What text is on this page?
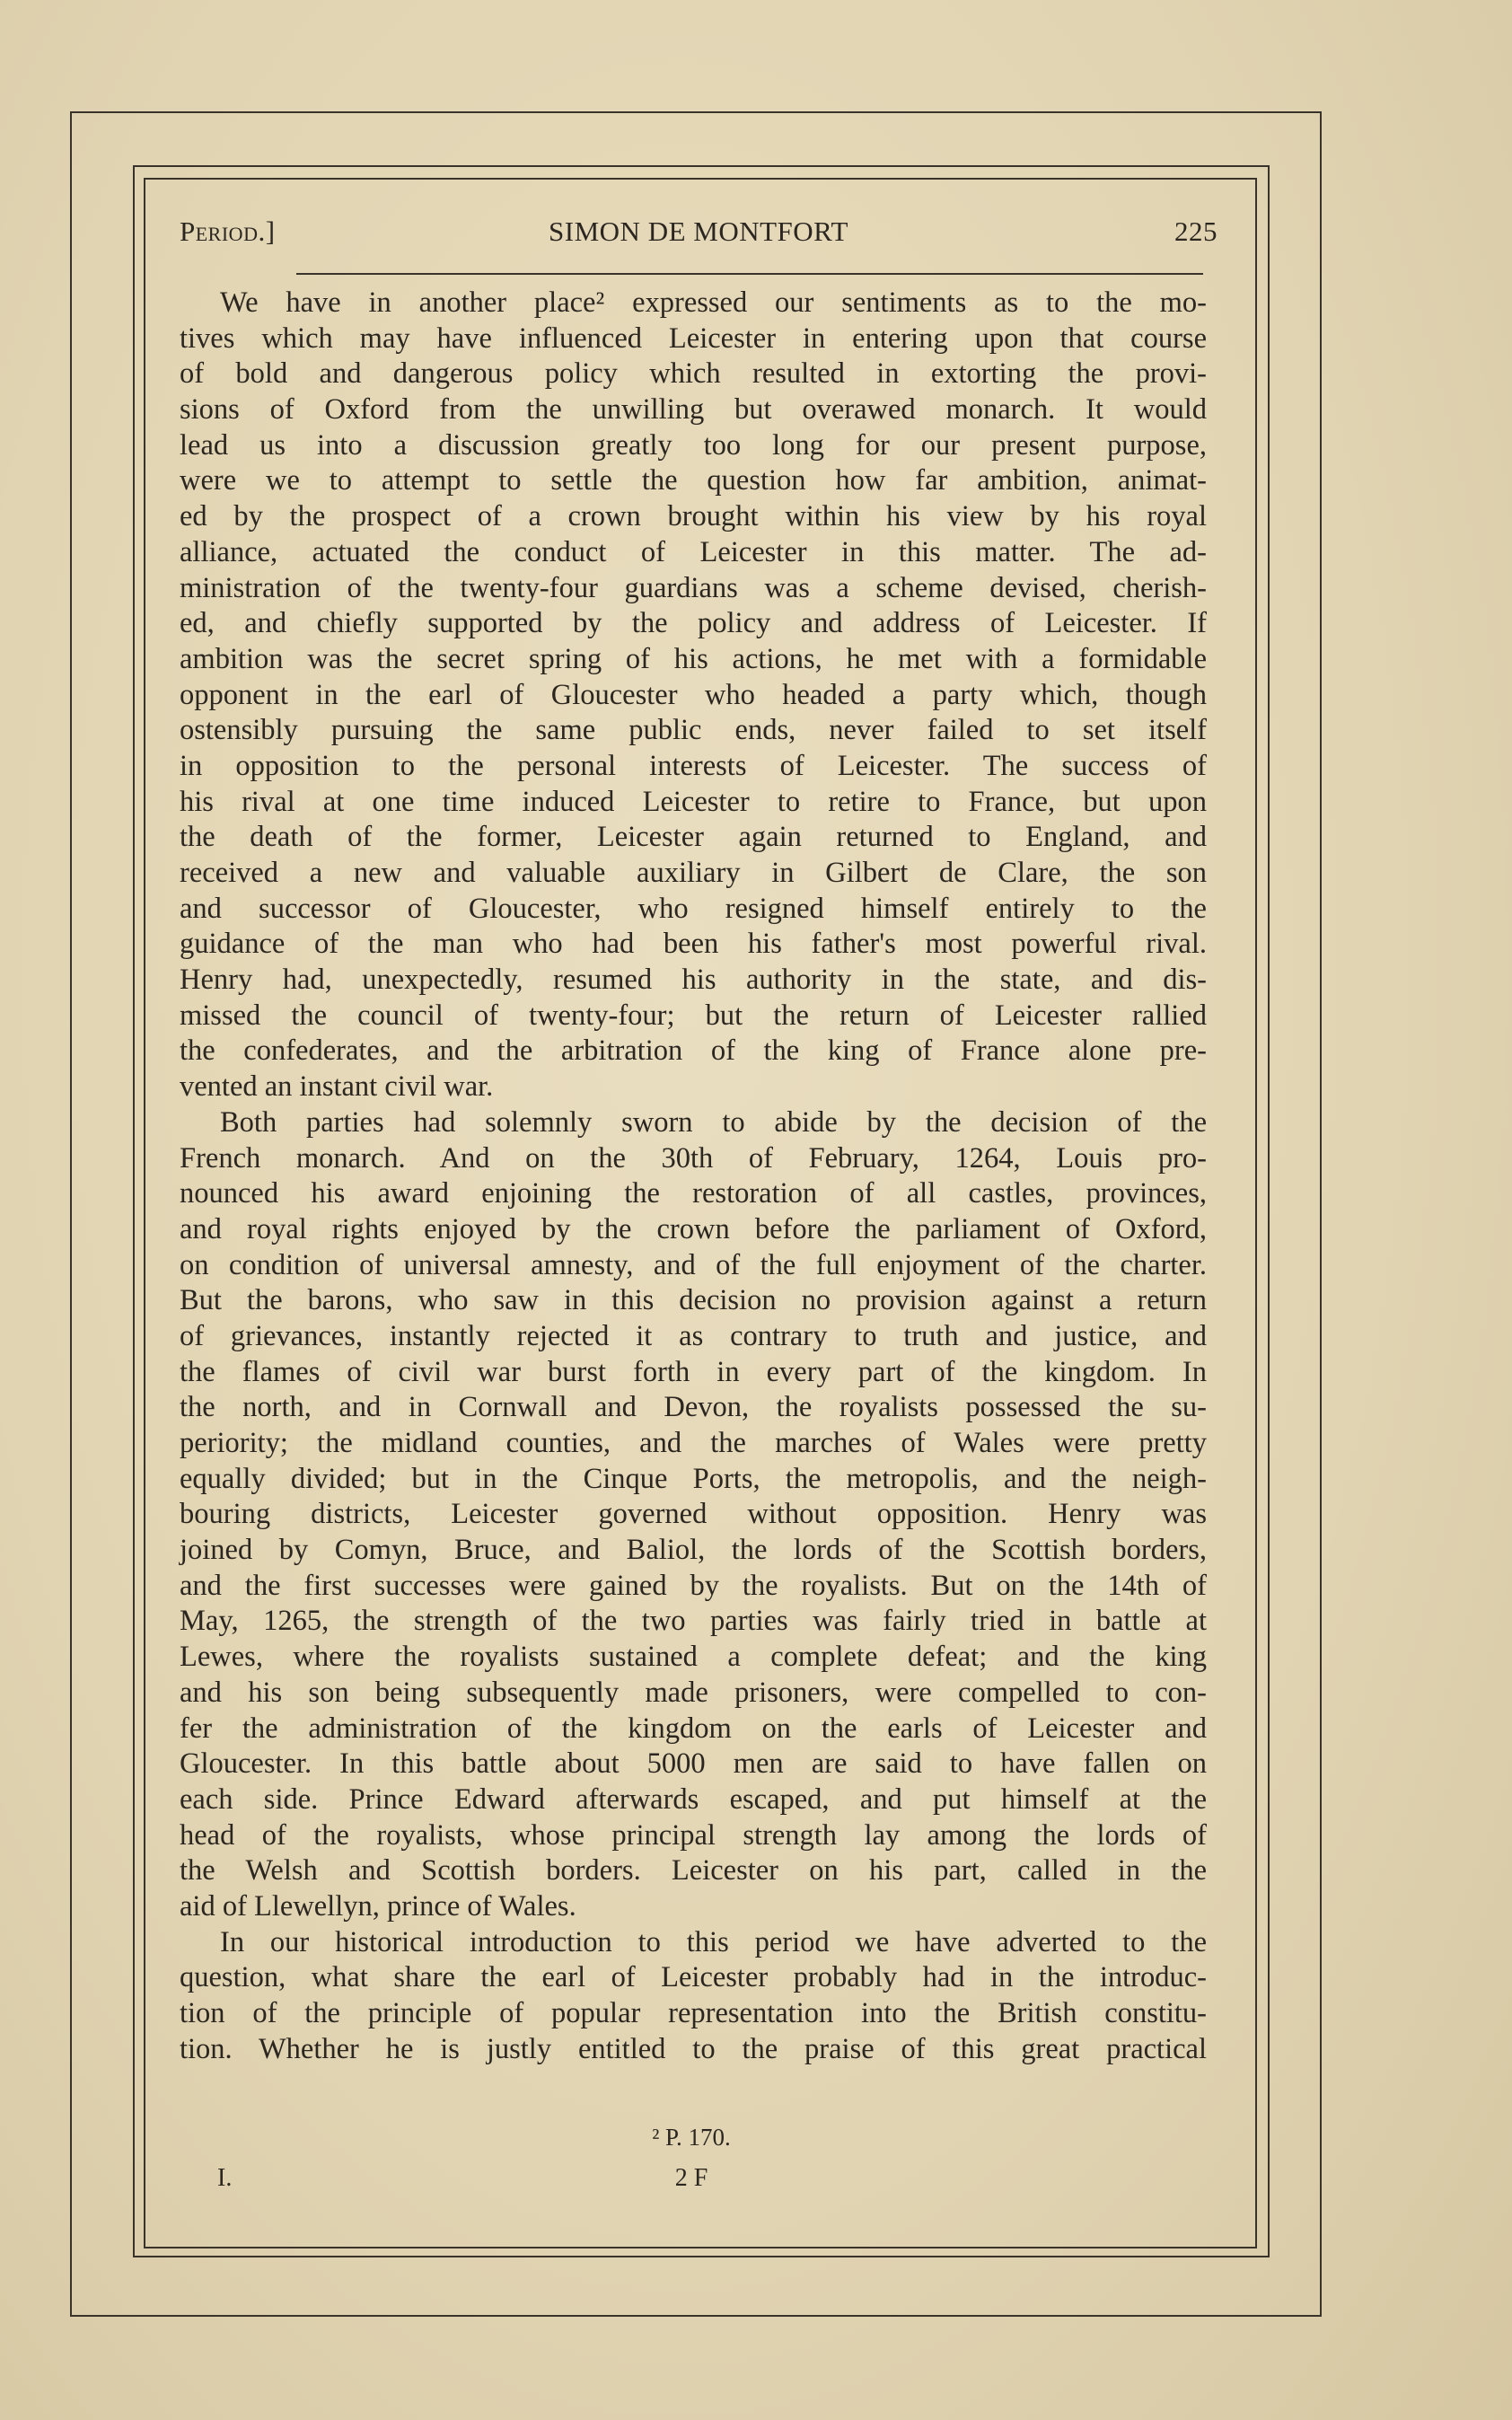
Period.]	SIMON DE MONTFORT	225
We have in another place² expressed our sentiments as to the mo-
tives which may have influenced Leicester in entering upon that course
of bold and dangerous policy which resulted in extorting the provi-
sions of Oxford from the unwilling but overawed monarch. It would
lead us into a discussion greatly too long for our present purpose,
were we to attempt to settle the question how far ambition, animat-
ed by the prospect of a crown brought within his view by his royal
alliance, actuated the conduct of Leicester in this matter. The ad-
ministration of the twenty-four guardians was a scheme devised, cherish-
ed, and chiefly supported by the policy and address of Leicester. If
ambition was the secret spring of his actions, he met with a formidable
opponent in the earl of Gloucester who headed a party which, though
ostensibly pursuing the same public ends, never failed to set itself
in opposition to the personal interests of Leicester. The success of
his rival at one time induced Leicester to retire to France, but upon
the death of the former, Leicester again returned to England, and
received a new and valuable auxiliary in Gilbert de Clare, the son
and successor of Gloucester, who resigned himself entirely to the
guidance of the man who had been his father's most powerful rival.
Henry had, unexpectedly, resumed his authority in the state, and dis-
missed the council of twenty-four; but the return of Leicester rallied
the confederates, and the arbitration of the king of France alone pre-
vented an instant civil war.
Both parties had solemnly sworn to abide by the decision of the
French monarch. And on the 30th of February, 1264, Louis pro-
nounced his award enjoining the restoration of all castles, provinces,
and royal rights enjoyed by the crown before the parliament of Oxford,
on condition of universal amnesty, and of the full enjoyment of the charter.
But the barons, who saw in this decision no provision against a return
of grievances, instantly rejected it as contrary to truth and justice, and
the flames of civil war burst forth in every part of the kingdom. In
the north, and in Cornwall and Devon, the royalists possessed the su-
periority; the midland counties, and the marches of Wales were pretty
equally divided; but in the Cinque Ports, the metropolis, and the neigh-
bouring districts, Leicester governed without opposition. Henry was
joined by Comyn, Bruce, and Baliol, the lords of the Scottish borders,
and the first successes were gained by the royalists. But on the 14th of
May, 1265, the strength of the two parties was fairly tried in battle at
Lewes, where the royalists sustained a complete defeat; and the king
and his son being subsequently made prisoners, were compelled to con-
fer the administration of the kingdom on the earls of Leicester and
Gloucester. In this battle about 5000 men are said to have fallen on
each side. Prince Edward afterwards escaped, and put himself at the
head of the royalists, whose principal strength lay among the lords of
the Welsh and Scottish borders. Leicester on his part, called in the
aid of Llewellyn, prince of Wales.
In our historical introduction to this period we have adverted to the
question, what share the earl of Leicester probably had in the introduc-
tion of the principle of popular representation into the British constitu-
tion. Whether he is justly entitled to the praise of this great practical
² P. 170.
I.	2 F
